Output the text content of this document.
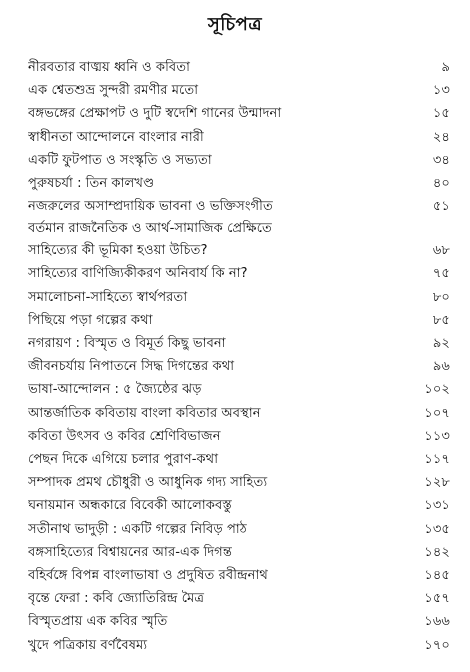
সূচিপত্র
নীরবতার বাঙ্ময় ধ্বনি ও কবিতা	৯
এক শ্বেতশুভ্র সুন্দরী রমণীর মতো	১৩
বঙ্গভঙ্গের প্রেক্ষাপট ও দুটি স্বদেশি গানের উন্মাদনা	১৫
স্বাধীনতা আন্দোলনে বাংলার নারী	২৪
একটি ফুটপাত ও সংস্কৃতি ও সভ্যতা	৩৪
পুরুষচর্যা : তিন কালখণ্ড	৪০
নজরুলের অসাম্প্রদায়িক ভাবনা ও ভক্তিসংগীত	৫১
বর্তমান রাজনৈতিক ও আর্থ-সামাজিক প্রেক্ষিতে
সাহিত্যের কী ভূমিকা হওয়া উচিত?	৬৮
সাহিত্যের বাণিজ্যিকীকরণ অনিবার্য কি না?	৭৫
সমালোচনা-সাহিত্যে স্বার্থপরতা	৮০
পিছিয়ে পড়া গল্পের কথা	৮৫
নগরায়ণ : বিস্মৃত ও বিমূর্ত কিছু ভাবনা	৯২
জীবনচর্যায় নিপাতনে সিদ্ধ দিগন্তের কথা	৯৬
ভাষা-আন্দোলন : ৫ জ্যৈষ্ঠের ঝড়	১০২
আন্তর্জাতিক কবিতায় বাংলা কবিতার অবস্থান	১০৭
কবিতা উৎসব ও কবির শ্রেণিবিভাজন	১১৩
পেছন দিকে এগিয়ে চলার পুরাণ-কথা	১১৭
সম্পাদক প্রমথ চৌধুরী ও আধুনিক গদ্য সাহিত্য	১২৮
ঘনায়মান অন্ধকারে বিবেকী আলোকবস্তু	১৩১
সতীনাথ ভাদুড়ী : একটি গল্পের নিবিড় পাঠ	১৩৫
বঙ্গসাহিত্যের বিশ্বায়নের আর-এক দিগন্ত	১৪২
বহির্বঙ্গে বিপন্ন বাংলাভাষা ও প্রদুষিত রবীন্দ্রনাথ	১৪৫
বৃন্তে ফেরা : কবি জ্যোতিরিন্দ্র মৈত্র	১৫৭
বিস্মৃতপ্রায় এক কবির স্মৃতি	১৬৬
খুদে পত্রিকায় বর্ণবৈষম্য	১৭০
